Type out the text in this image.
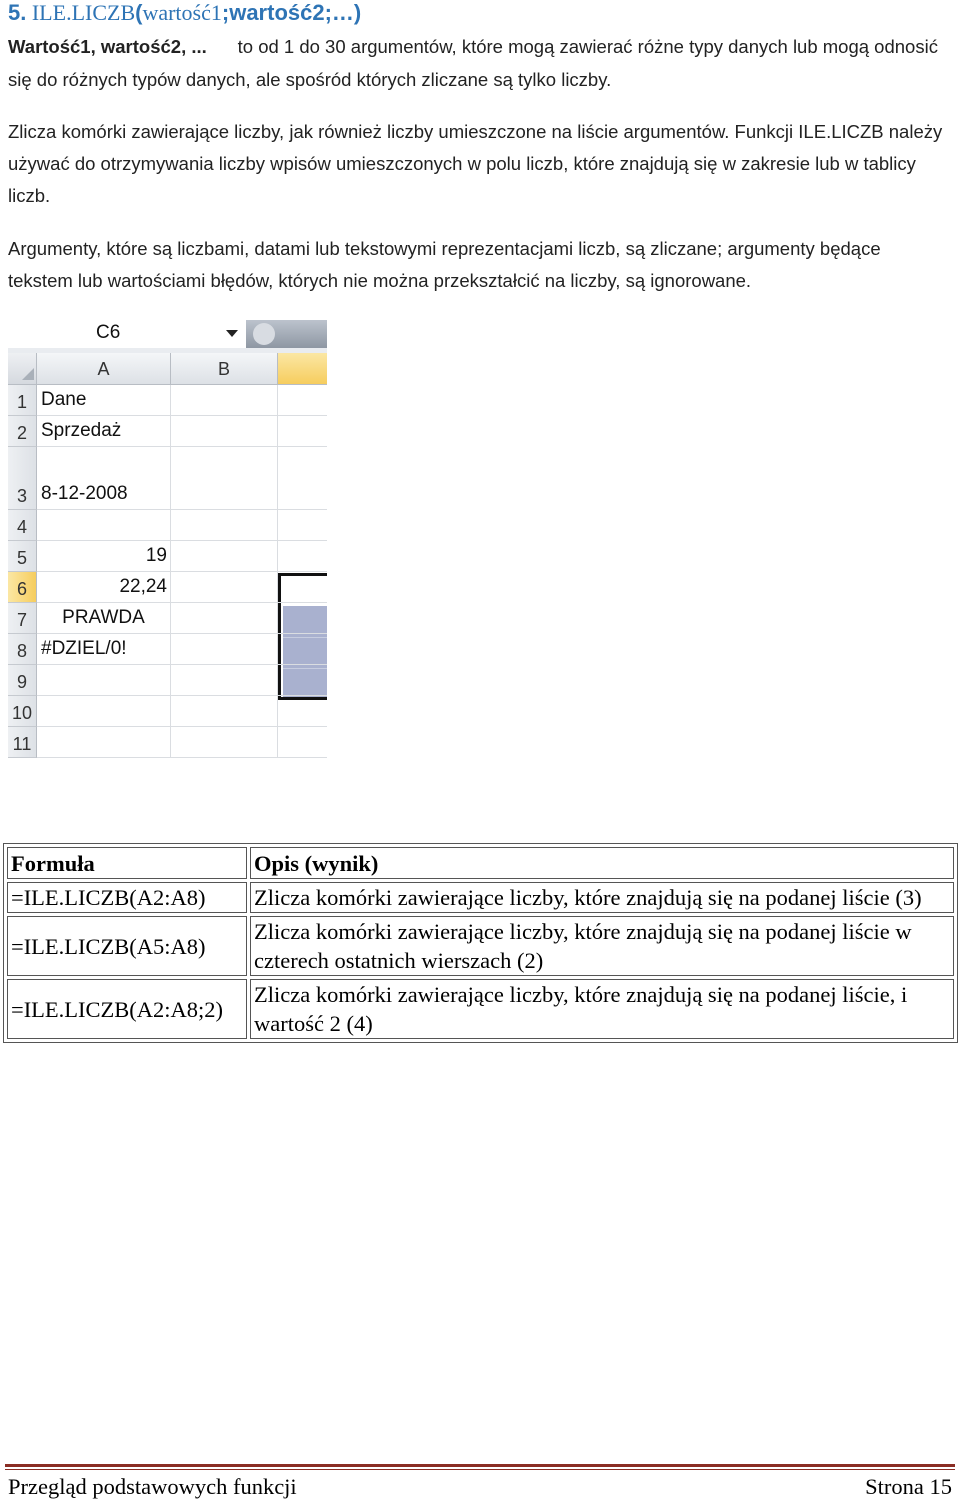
5. ILE.LICZB(wartość1;wartość2;…)
Wartość1, wartość2, ... to od 1 do 30 argumentów, które mogą zawierać różne typy danych lub mogą odnosić się do różnych typów danych, ale spośród których zliczane są tylko liczby.
Zlicza komórki zawierające liczby, jak również liczby umieszczone na liście argumentów. Funkcji ILE.LICZB należy używać do otrzymywania liczby wpisów umieszczonych w polu liczb, które znajdują się w zakresie lub w tablicy liczb.
Argumenty, które są liczbami, datami lub tekstowymi reprezentacjami liczb, są zliczane; argumenty będące tekstem lub wartościami błędów, których nie można przekształcić na liczby, są ignorowane.
C6
A	B
1 Dane
2 Sprzedaż
3 8-12-2008
4
5	19
6	22,24
7	PRAWDA
8 #DZIEL/0!
9
10
11
Formuła	Opis (wynik)
=ILE.LICZB(A2:A8)	Zlicza komórki zawierające liczby, które znajdują się na podanej liście (3)
=ILE.LICZB(A5:A8)	Zlicza komórki zawierające liczby, które znajdują się na podanej liście w czterech ostatnich wierszach (2)
=ILE.LICZB(A2:A8;2)	Zlicza komórki zawierające liczby, które znajdują się na podanej liście, i wartość 2 (4)
Przegląd podstawowych funkcji	Strona 15
